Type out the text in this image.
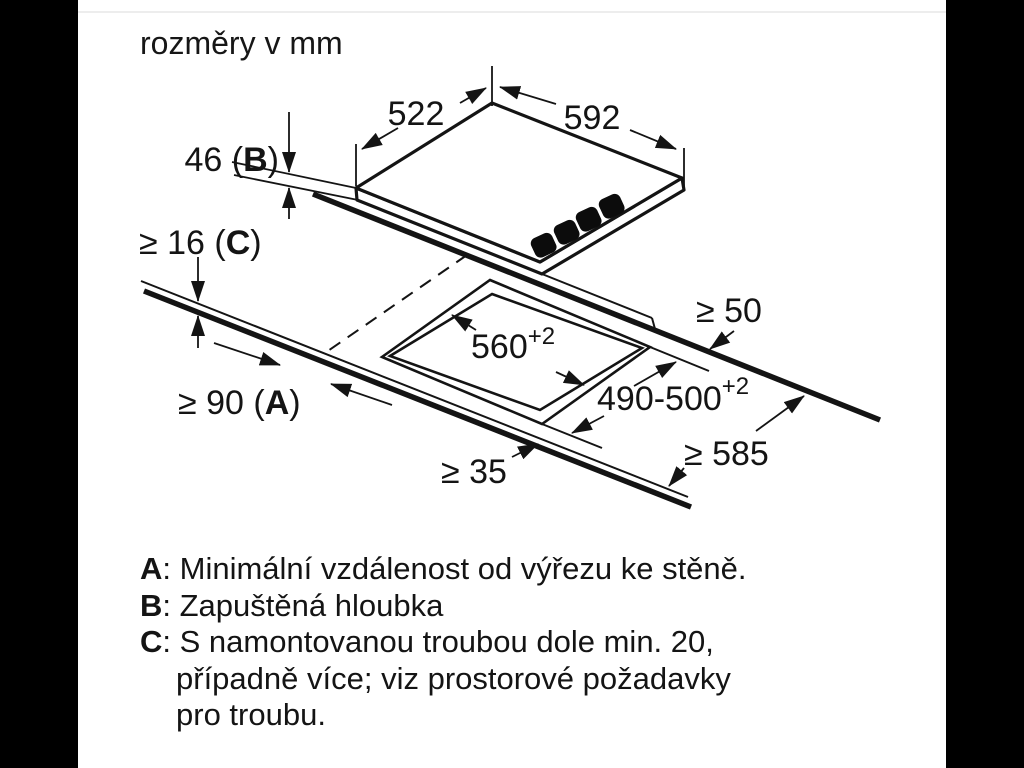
rozměry v mm
522	592
46 (B)
≥ 16 (C)
≥ 90 (A)
$560^{+2}$
$490-500^{+2}$
≥ 50
≥ 35	≥ 585
A: Minimální vzdálenost od výřezu ke stěně.
B: Zapuštěná hloubka
C: S namontovanou troubou dole min. 20,
případně více; viz prostorové požadavky
pro troubu.
